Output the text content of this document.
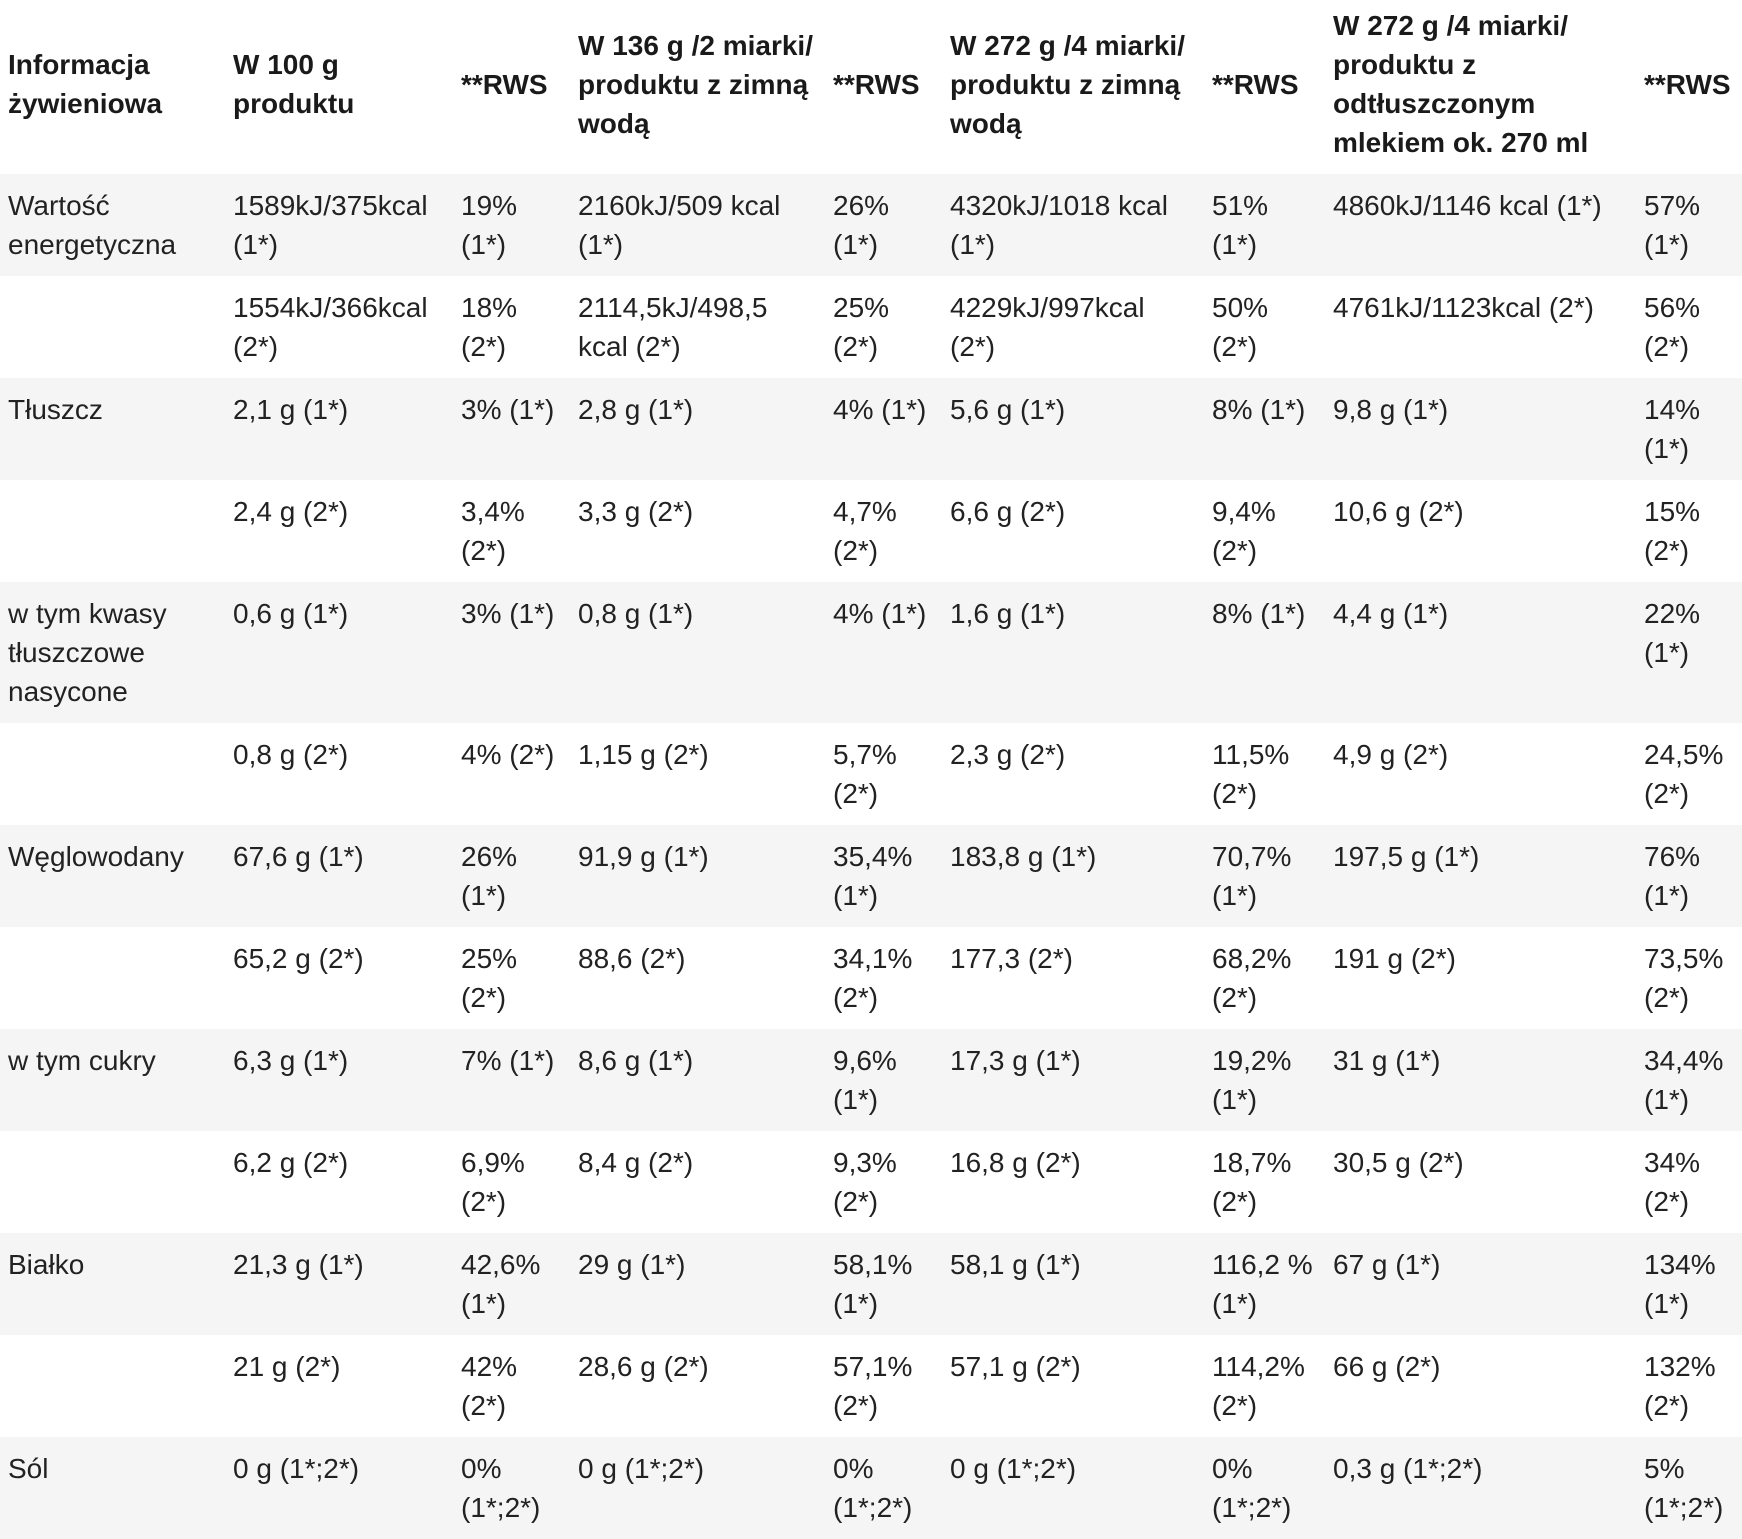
Informacja żywieniowa	W 100 g produktu	**RWS	W 136 g /2 miarki/ produktu z zimną wodą	**RWS	W 272 g /4 miarki/ produktu z zimną wodą	**RWS	W 272 g /4 miarki/ produktu z odtłuszczonym mlekiem ok. 270 ml	**RWS
Wartość energetyczna	1589kJ/375kcal (1*)	19% (1*)	2160kJ/509 kcal (1*)	26% (1*)	4320kJ/1018 kcal (1*)	51% (1*)	4860kJ/1146 kcal (1*)	57% (1*)
	1554kJ/366kcal (2*)	18% (2*)	2114,5kJ/498,5 kcal (2*)	25% (2*)	4229kJ/997kcal (2*)	50% (2*)	4761kJ/1123kcal (2*)	56% (2*)
Tłuszcz	2,1 g (1*)	3% (1*)	2,8 g (1*)	4% (1*)	5,6 g (1*)	8% (1*)	9,8 g (1*)	14% (1*)
	2,4 g (2*)	3,4% (2*)	3,3 g (2*)	4,7% (2*)	6,6 g (2*)	9,4% (2*)	10,6 g (2*)	15% (2*)
w tym kwasy tłuszczowe nasycone	0,6 g (1*)	3% (1*)	0,8 g (1*)	4% (1*)	1,6 g (1*)	8% (1*)	4,4 g (1*)	22% (1*)
	0,8 g (2*)	4% (2*)	1,15 g (2*)	5,7% (2*)	2,3 g (2*)	11,5% (2*)	4,9 g (2*)	24,5% (2*)
Węglowodany	67,6 g (1*)	26% (1*)	91,9 g (1*)	35,4% (1*)	183,8 g (1*)	70,7% (1*)	197,5 g (1*)	76% (1*)
	65,2 g (2*)	25% (2*)	88,6 (2*)	34,1% (2*)	177,3 (2*)	68,2% (2*)	191 g (2*)	73,5% (2*)
w tym cukry	6,3 g (1*)	7% (1*)	8,6 g (1*)	9,6% (1*)	17,3 g (1*)	19,2% (1*)	31 g (1*)	34,4% (1*)
	6,2 g (2*)	6,9% (2*)	8,4 g (2*)	9,3% (2*)	16,8 g (2*)	18,7% (2*)	30,5 g (2*)	34% (2*)
Białko	21,3 g (1*)	42,6% (1*)	29 g (1*)	58,1% (1*)	58,1 g (1*)	116,2 % (1*)	67 g (1*)	134% (1*)
	21 g (2*)	42% (2*)	28,6 g (2*)	57,1% (2*)	57,1 g (2*)	114,2% (2*)	66 g (2*)	132% (2*)
Sól	0 g (1*;2*)	0% (1*;2*)	0 g (1*;2*)	0% (1*;2*)	0 g (1*;2*)	0% (1*;2*)	0,3 g (1*;2*)	5% (1*;2*)
